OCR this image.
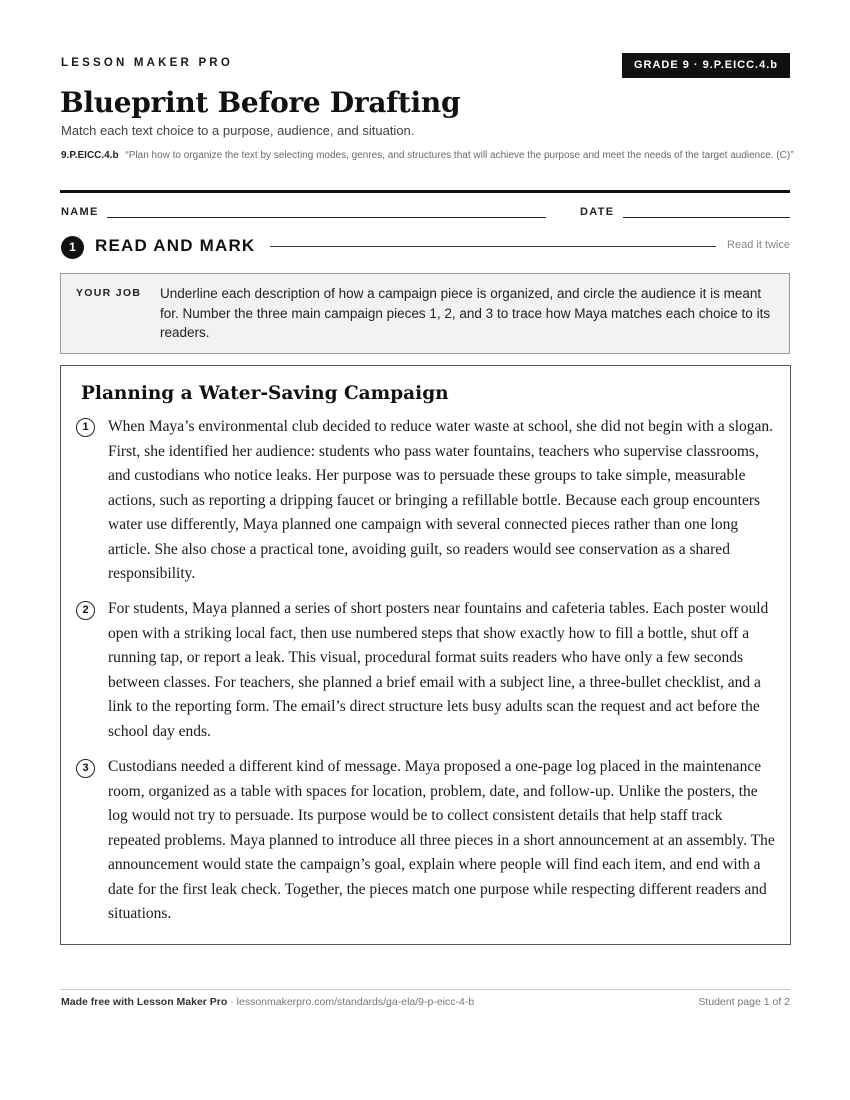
LESSON MAKER PRO	GRADE 9 · 9.P.EICC.4.b
Blueprint Before Drafting
Match each text choice to a purpose, audience, and situation.
9.P.EICC.4.b “Plan how to organize the text by selecting modes, genres, and structures that will achieve the purpose and meet the needs of the target audience. (C)”
NAME	DATE
1	READ AND MARK	Read it twice
YOUR JOB Underline each description of how a campaign piece is organized, and circle the audience it is meant for. Number the three main campaign pieces 1, 2, and 3 to trace how Maya matches each choice to its readers.
Planning a Water-Saving Campaign
1	When Maya’s environmental club decided to reduce water waste at school, she did not begin with a slogan. First, she identified her audience: students who pass water fountains, teachers who supervise classrooms, and custodians who notice leaks. Her purpose was to persuade these groups to take simple, measurable actions, such as reporting a dripping faucet or bringing a refillable bottle. Because each group encounters water use differently, Maya planned one campaign with several connected pieces rather than one long article. She also chose a practical tone, avoiding guilt, so readers would see conservation as a shared responsibility.

2	For students, Maya planned a series of short posters near fountains and cafeteria tables. Each poster would open with a striking local fact, then use numbered steps that show exactly how to fill a bottle, shut off a running tap, or report a leak. This visual, procedural format suits readers who have only a few seconds between classes. For teachers, she planned a brief email with a subject line, a three-bullet checklist, and a link to the reporting form. The email’s direct structure lets busy adults scan the request and act before the school day ends.

3	Custodians needed a different kind of message. Maya proposed a one-page log placed in the maintenance room, organized as a table with spaces for location, problem, date, and follow-up. Unlike the posters, the log would not try to persuade. Its purpose would be to collect consistent details that help staff track repeated problems. Maya planned to introduce all three pieces in a short announcement at an assembly. The announcement would state the campaign’s goal, explain where people will find each item, and end with a date for the first leak check. Together, the pieces match one purpose while respecting different readers and situations.

Made free with Lesson Maker Pro · lessonmakerpro.com/standards/ga-ela/9-p-eicc-4-b	Student page 1 of 2
